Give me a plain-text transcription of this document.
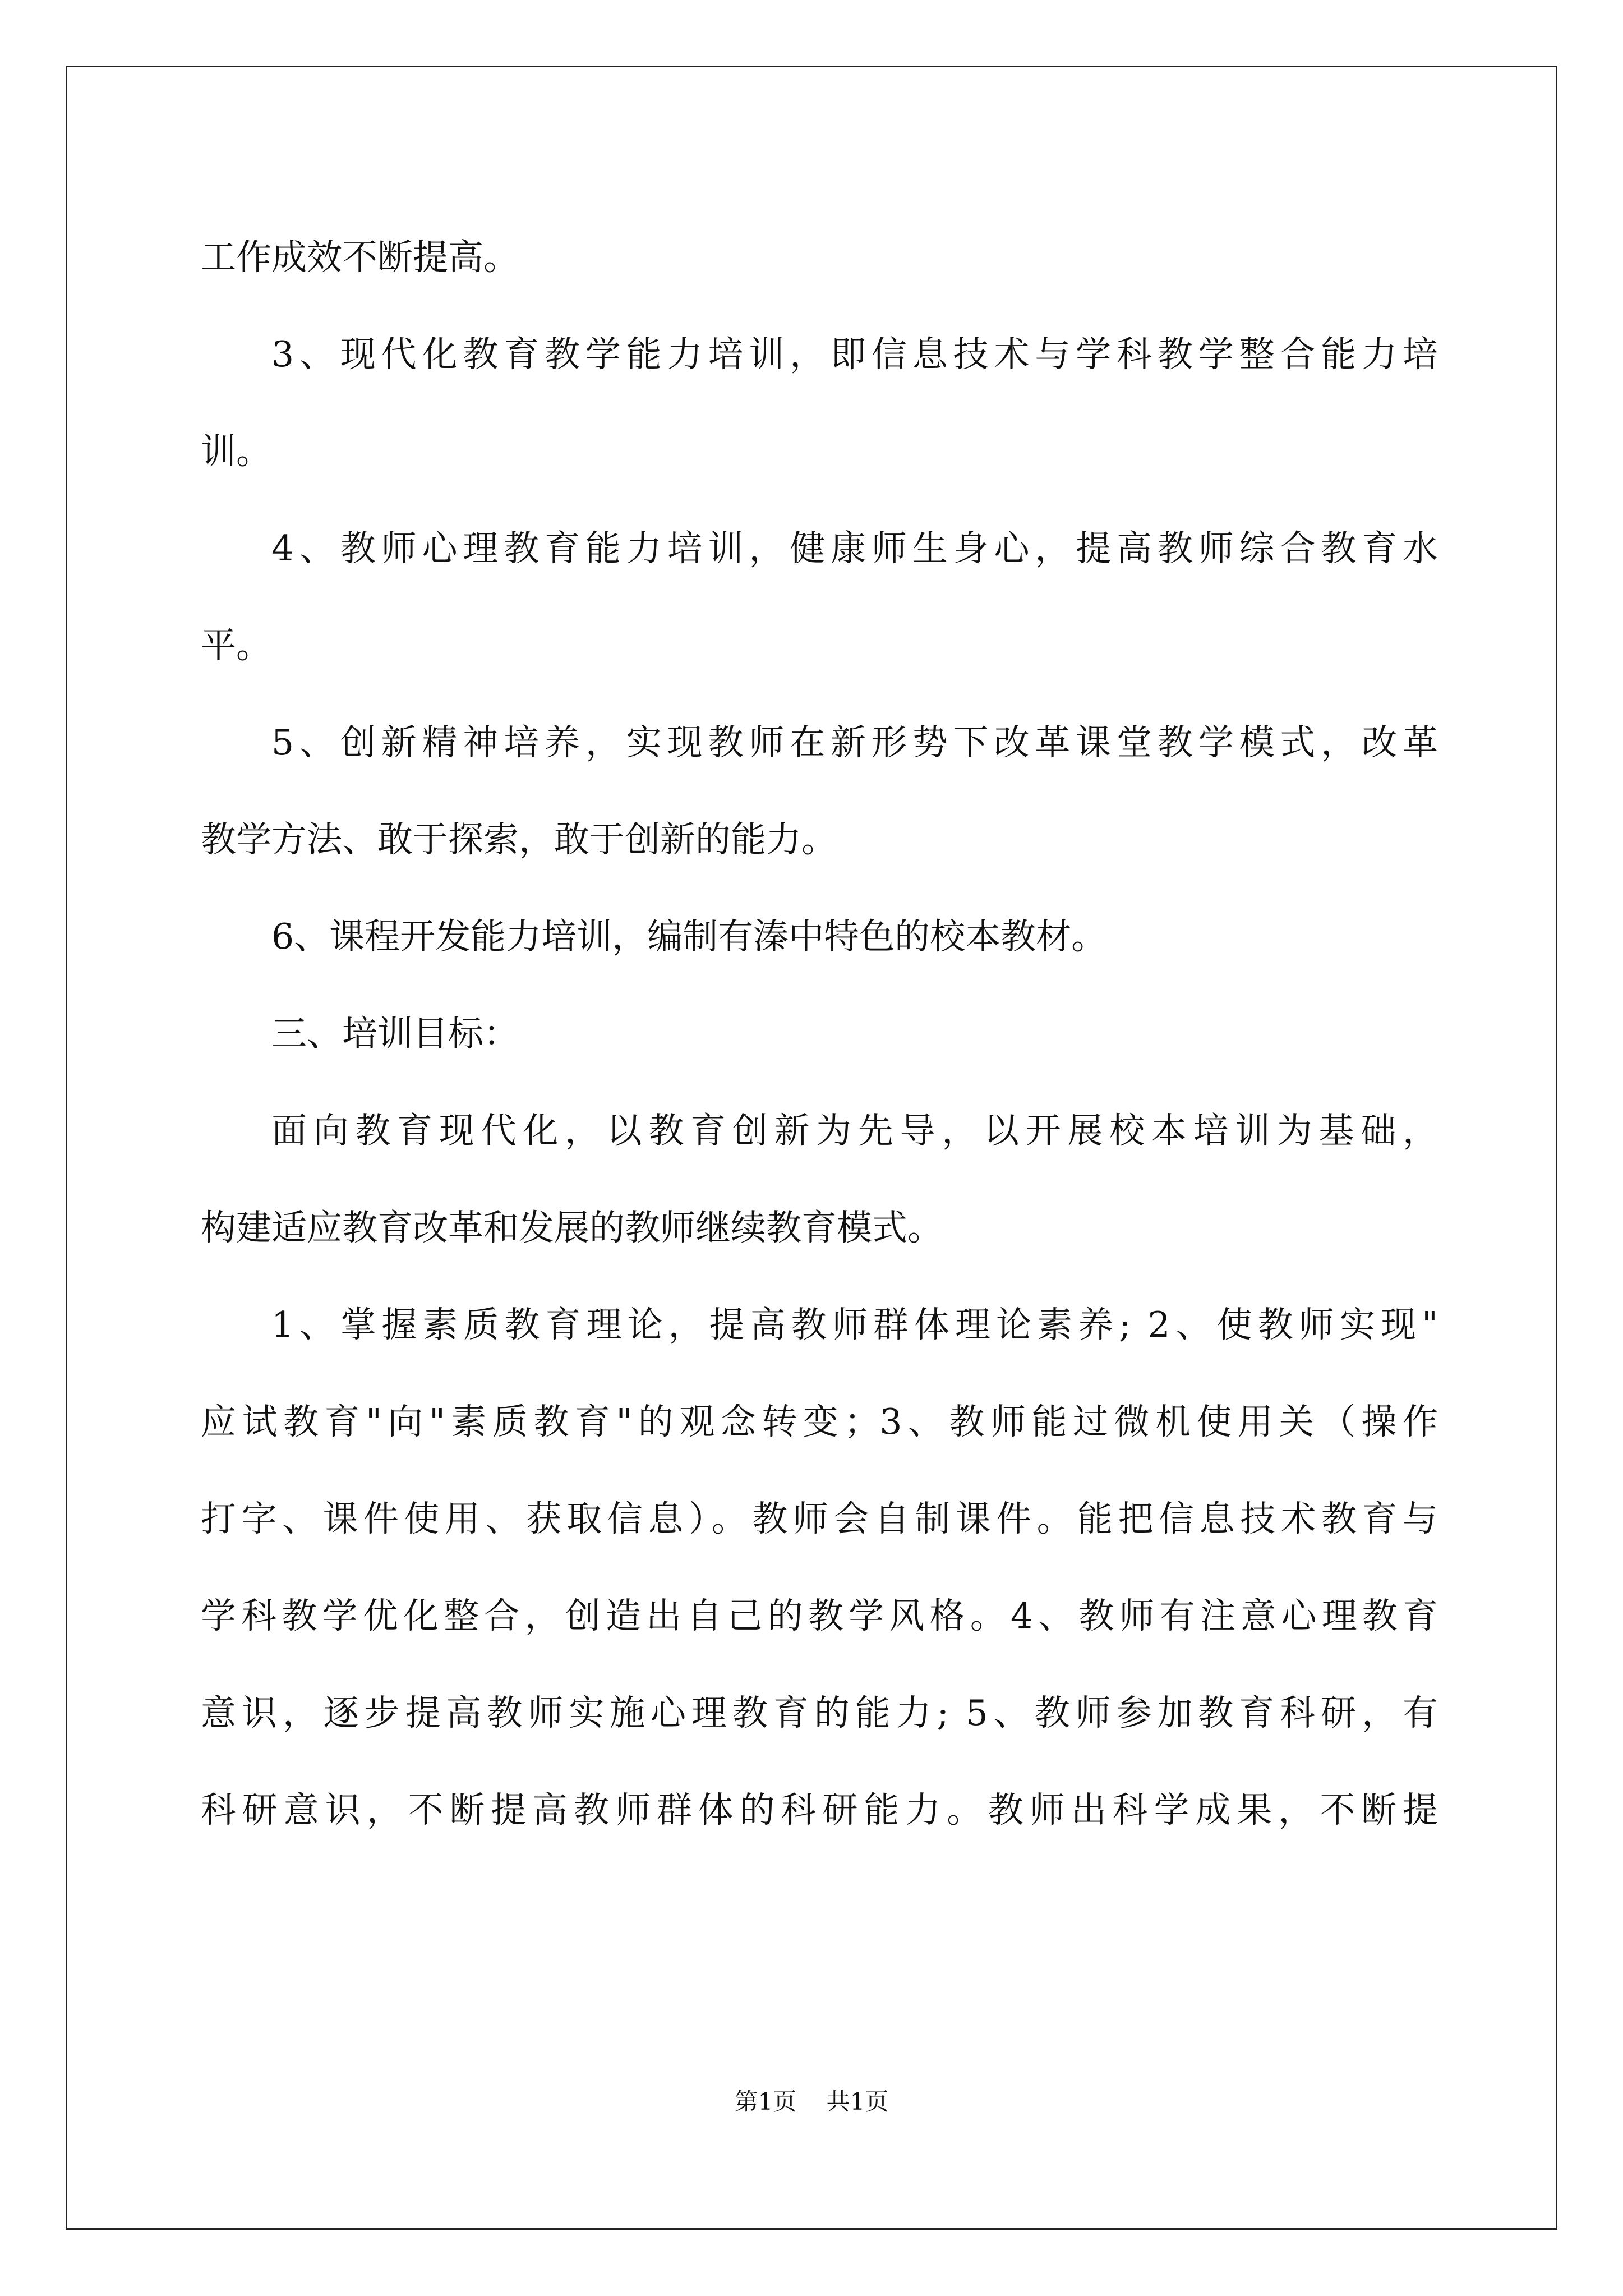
工作成效不断提高。

3、现代化教育教学能力培训，即信息技术与学科教学整合能力培

训。

4、教师心理教育能力培训，健康师生身心，提高教师综合教育水

平。

5、创新精神培养，实现教师在新形势下改革课堂教学模式，改革

教学方法、敢于探索，敢于创新的能力。

6、课程开发能力培训，编制有溱中特色的校本教材。

三、培训目标：

面向教育现代化，以教育创新为先导，以开展校本培训为基础，

构建适应教育改革和发展的教师继续教育模式。

1、掌握素质教育理论，提高教师群体理论素养; 2、使教师实现"

应试教育"向"素质教育"的观念转变；3、教师能过微机使用关（操作

打字、课件使用、获取信息）。教师会自制课件。能把信息技术教育与

学科教学优化整合，创造出自己的教学风格。4、教师有注意心理教育

意识，逐步提高教师实施心理教育的能力; 5、教师参加教育科研，有

科研意识，不断提高教师群体的科研能力。教师出科学成果，不断提

第1页    共1页
